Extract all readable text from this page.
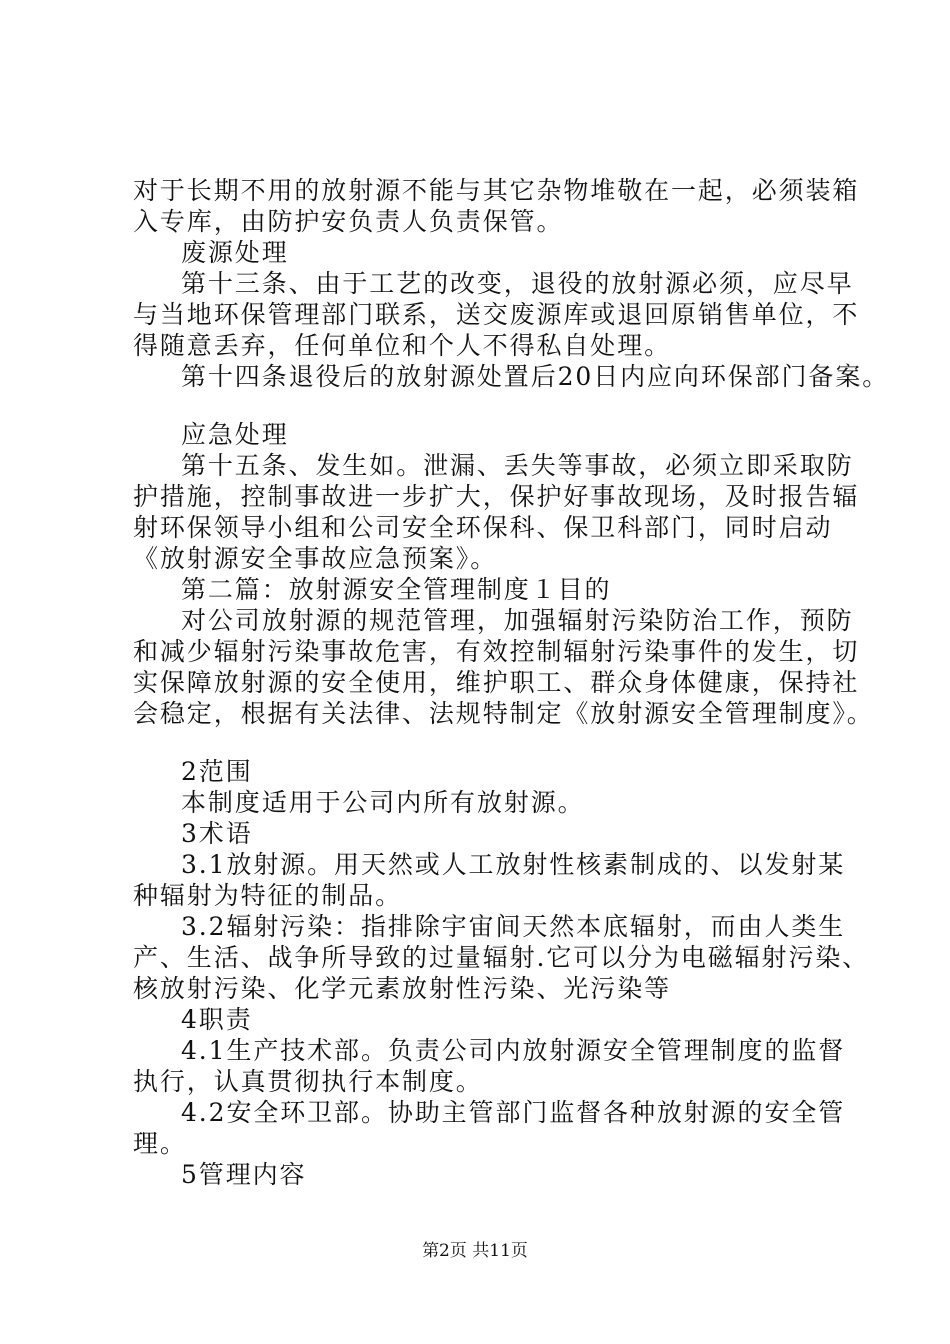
对于长期不用的放射源不能与其它杂物堆敬在一起，必须装箱
入专库，由防护安负责人负责保管。
废源处理
第十三条、由于工艺的改变，退役的放射源必须，应尽早
与当地环保管理部门联系，送交废源库或退回原销售单位，不
得随意丢弃，任何单位和个人不得私自处理。
第十四条退役后的放射源处置后20日内应向环保部门备案。
应急处理
第十五条、发生如。泄漏、丢失等事故，必须立即采取防
护措施，控制事故进一步扩大，保护好事故现场，及时报告辐
射环保领导小组和公司安全环保科、保卫科部门，同时启动
《放射源安全事故应急预案》。
第二篇：放射源安全管理制度１目的
对公司放射源的规范管理，加强辐射污染防治工作，预防
和减少辐射污染事故危害，有效控制辐射污染事件的发生，切
实保障放射源的安全使用，维护职工、群众身体健康，保持社
会稳定，根据有关法律、法规特制定《放射源安全管理制度》。
2范围
本制度适用于公司内所有放射源。
3术语
3.1放射源。用天然或人工放射性核素制成的、以发射某
种辐射为特征的制品。
3.2辐射污染：指排除宇宙间天然本底辐射，而由人类生
产、生活、战争所导致的过量辐射.它可以分为电磁辐射污染、
核放射污染、化学元素放射性污染、光污染等
4职责
4.1生产技术部。负责公司内放射源安全管理制度的监督
执行，认真贯彻执行本制度。
4.2安全环卫部。协助主管部门监督各种放射源的安全管
理。
5管理内容
第2页 共11页
